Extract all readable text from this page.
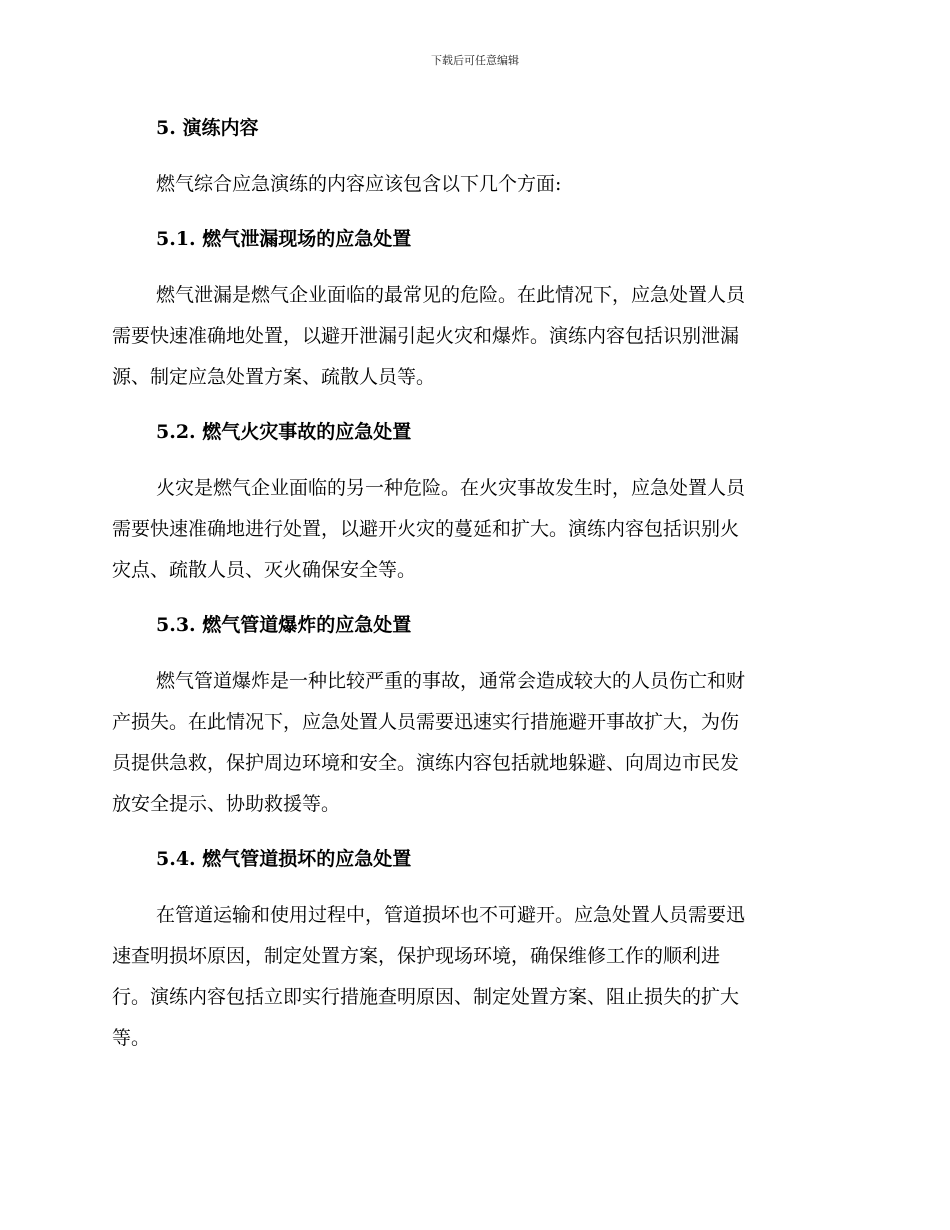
下载后可任意编辑
5. 演练内容
燃气综合应急演练的内容应该包含以下几个方面:
5.1. 燃气泄漏现场的应急处置
燃气泄漏是燃气企业面临的最常见的危险。在此情况下，应急处置人员
需要快速准确地处置，以避开泄漏引起火灾和爆炸。演练内容包括识别泄漏
源、制定应急处置方案、疏散人员等。
5.2. 燃气火灾事故的应急处置
火灾是燃气企业面临的另一种危险。在火灾事故发生时，应急处置人员
需要快速准确地进行处置，以避开火灾的蔓延和扩大。演练内容包括识别火
灾点、疏散人员、灭火确保安全等。
5.3. 燃气管道爆炸的应急处置
燃气管道爆炸是一种比较严重的事故，通常会造成较大的人员伤亡和财
产损失。在此情况下，应急处置人员需要迅速实行措施避开事故扩大，为伤
员提供急救，保护周边环境和安全。演练内容包括就地躲避、向周边市民发
放安全提示、协助救援等。
5.4. 燃气管道损坏的应急处置
在管道运输和使用过程中，管道损坏也不可避开。应急处置人员需要迅
速查明损坏原因，制定处置方案，保护现场环境，确保维修工作的顺利进
行。演练内容包括立即实行措施查明原因、制定处置方案、阻止损失的扩大
等。
